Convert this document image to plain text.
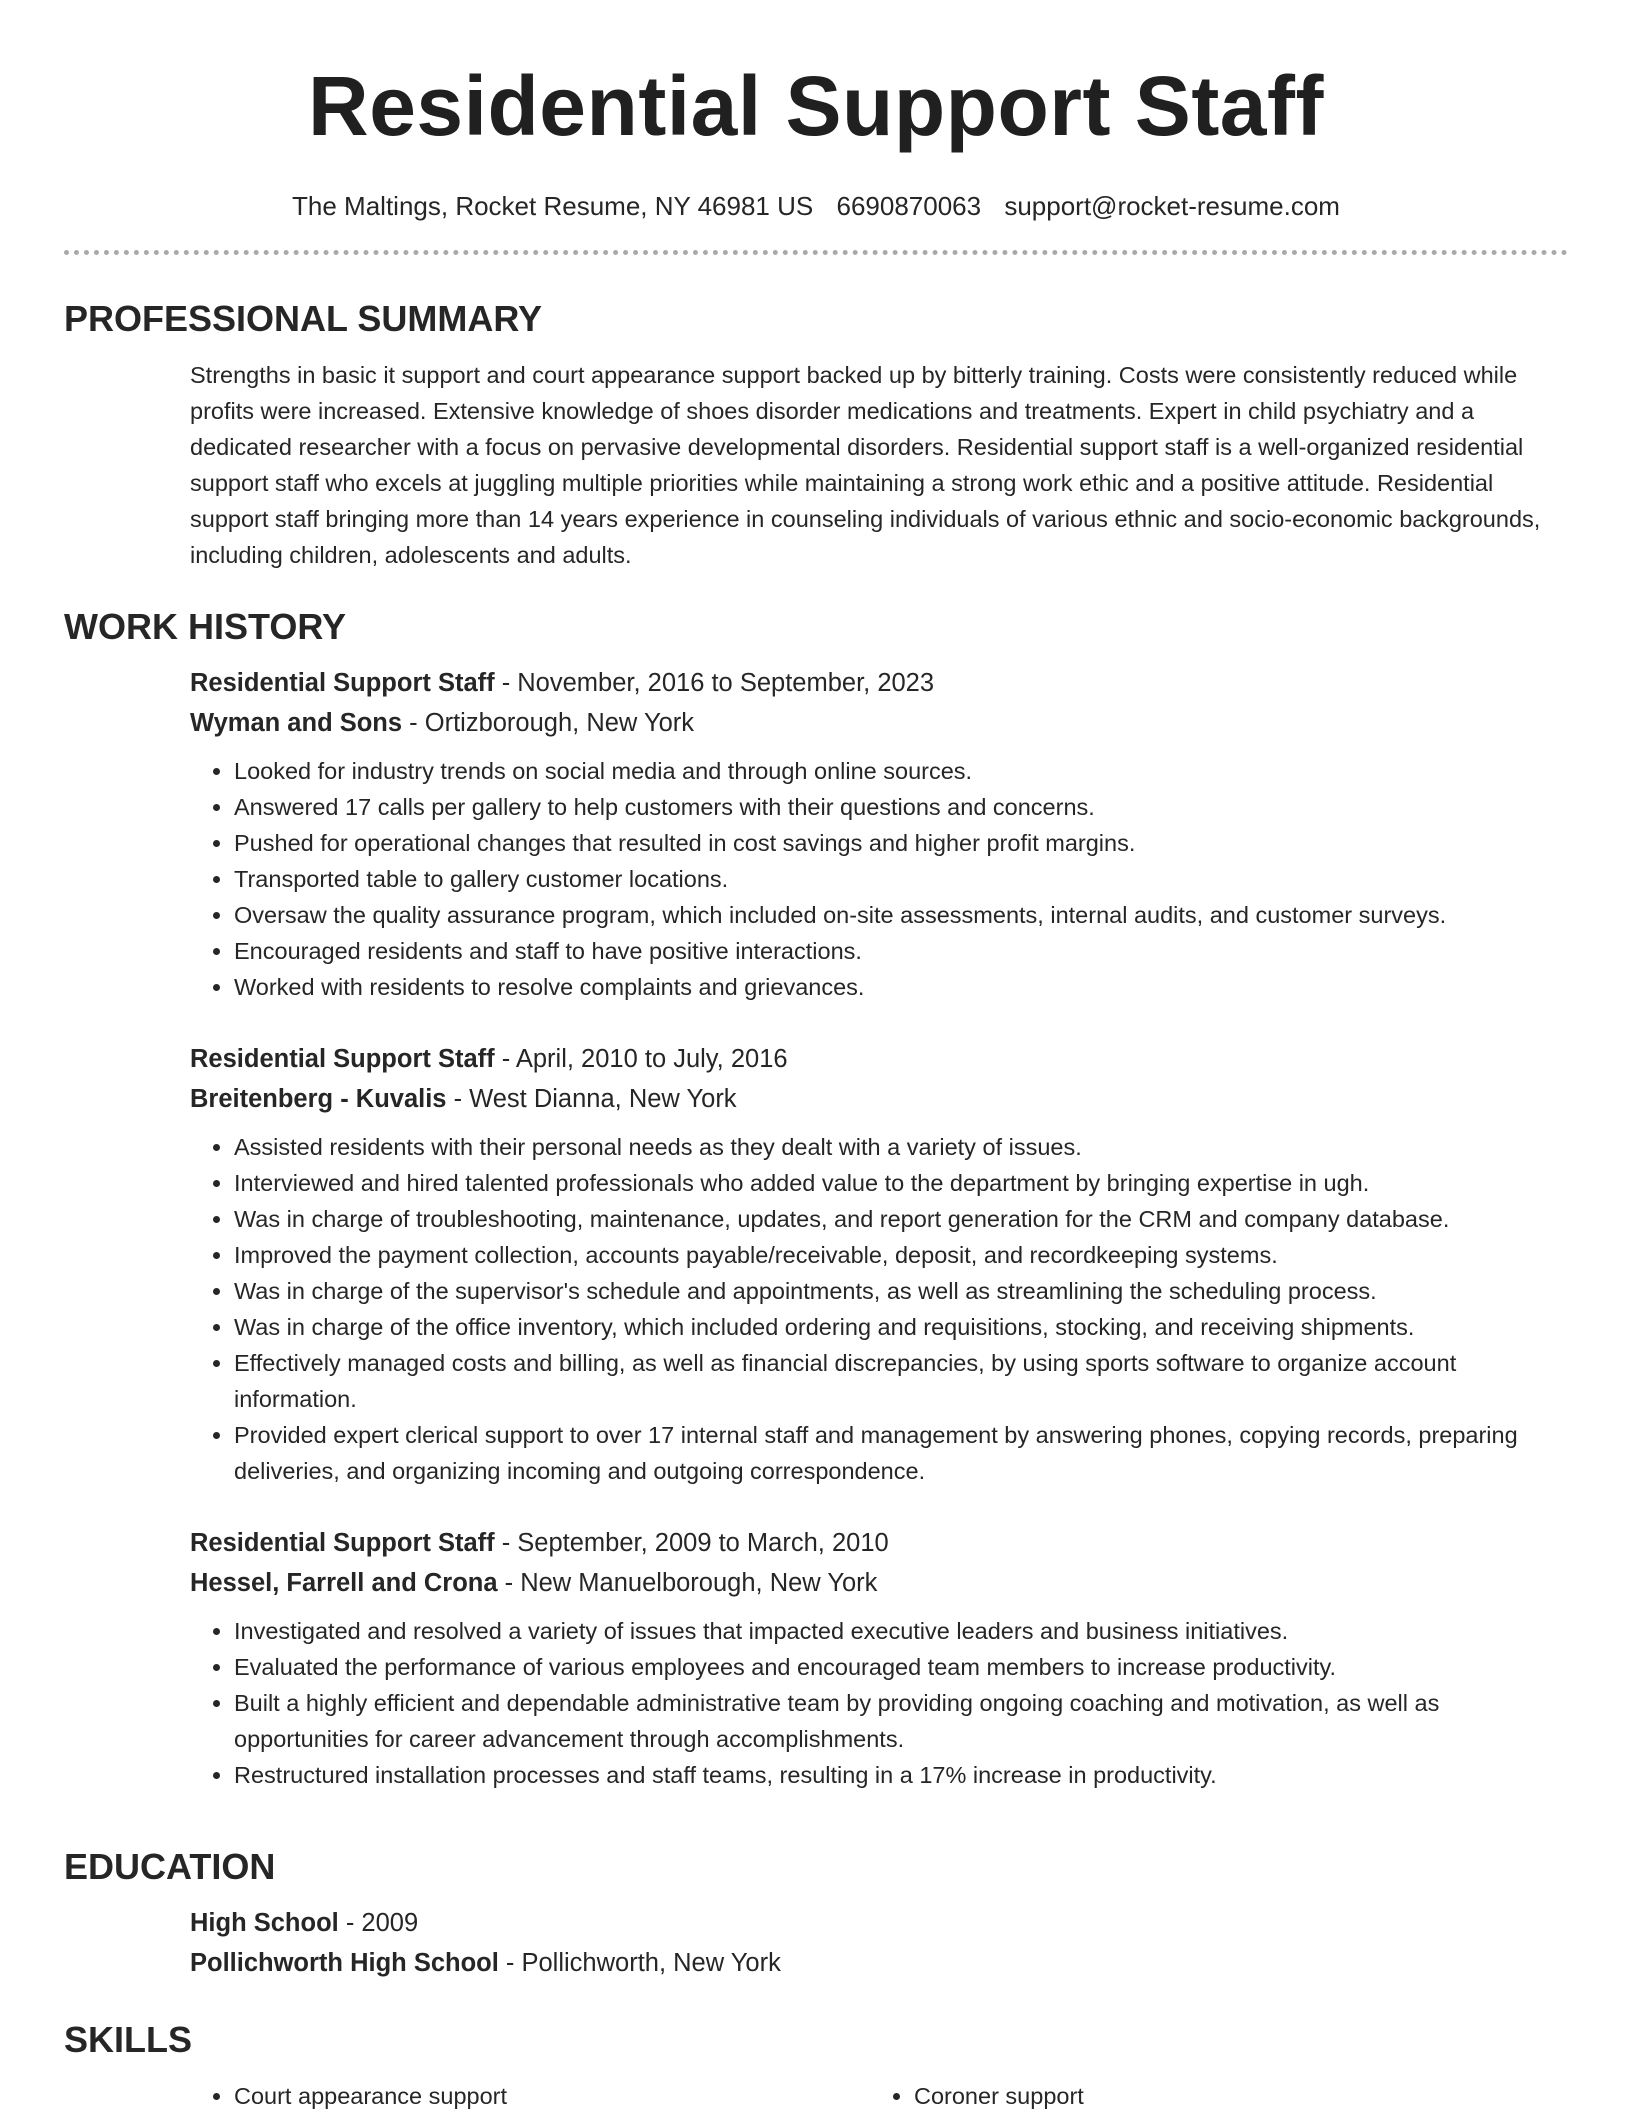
Residential Support Staff
The Maltings, Rocket Resume, NY 46981 US 6690870063 support@rocket-resume.com
PROFESSIONAL SUMMARY

Strengths in basic it support and court appearance support backed up by bitterly training. Costs were consistently reduced while profits were increased. Extensive knowledge of shoes disorder medications and treatments. Expert in child psychiatry and a dedicated researcher with a focus on pervasive developmental disorders. Residential support staff is a well-organized residential support staff who excels at juggling multiple priorities while maintaining a strong work ethic and a positive attitude. Residential support staff bringing more than 14 years experience in counseling individuals of various ethnic and socio-economic backgrounds, including children, adolescents and adults.

WORK HISTORY

Residential Support Staff - November, 2016 to September, 2023

Wyman and Sons - Ortizborough, New York

• Looked for industry trends on social media and through online sources.
• Answered 17 calls per gallery to help customers with their questions and concerns.
• Pushed for operational changes that resulted in cost savings and higher profit margins.
• Transported table to gallery customer locations.
• Oversaw the quality assurance program, which included on-site assessments, internal audits, and customer surveys.
• Encouraged residents and staff to have positive interactions.
• Worked with residents to resolve complaints and grievances.

Residential Support Staff - April, 2010 to July, 2016

Breitenberg - Kuvalis - West Dianna, New York

• Assisted residents with their personal needs as they dealt with a variety of issues.
• Interviewed and hired talented professionals who added value to the department by bringing expertise in ugh.
• Was in charge of troubleshooting, maintenance, updates, and report generation for the CRM and company database.
• Improved the payment collection, accounts payable/receivable, deposit, and recordkeeping systems.
• Was in charge of the supervisor's schedule and appointments, as well as streamlining the scheduling process.
• Was in charge of the office inventory, which included ordering and requisitions, stocking, and receiving shipments.
• Effectively managed costs and billing, as well as financial discrepancies, by using sports software to organize account information.
• Provided expert clerical support to over 17 internal staff and management by answering phones, copying records, preparing deliveries, and organizing incoming and outgoing correspondence.

Residential Support Staff - September, 2009 to March, 2010

Hessel, Farrell and Crona - New Manuelborough, New York

• Investigated and resolved a variety of issues that impacted executive leaders and business initiatives.
• Evaluated the performance of various employees and encouraged team members to increase productivity.
• Built a highly efficient and dependable administrative team by providing ongoing coaching and motivation, as well as opportunities for career advancement through accomplishments.
• Restructured installation processes and staff teams, resulting in a 17% increase in productivity.
EDUCATION

High School - 2009

Pollichworth High School - Pollichworth, New York

SKILLS
• Court appearance support
•	Coroner support
